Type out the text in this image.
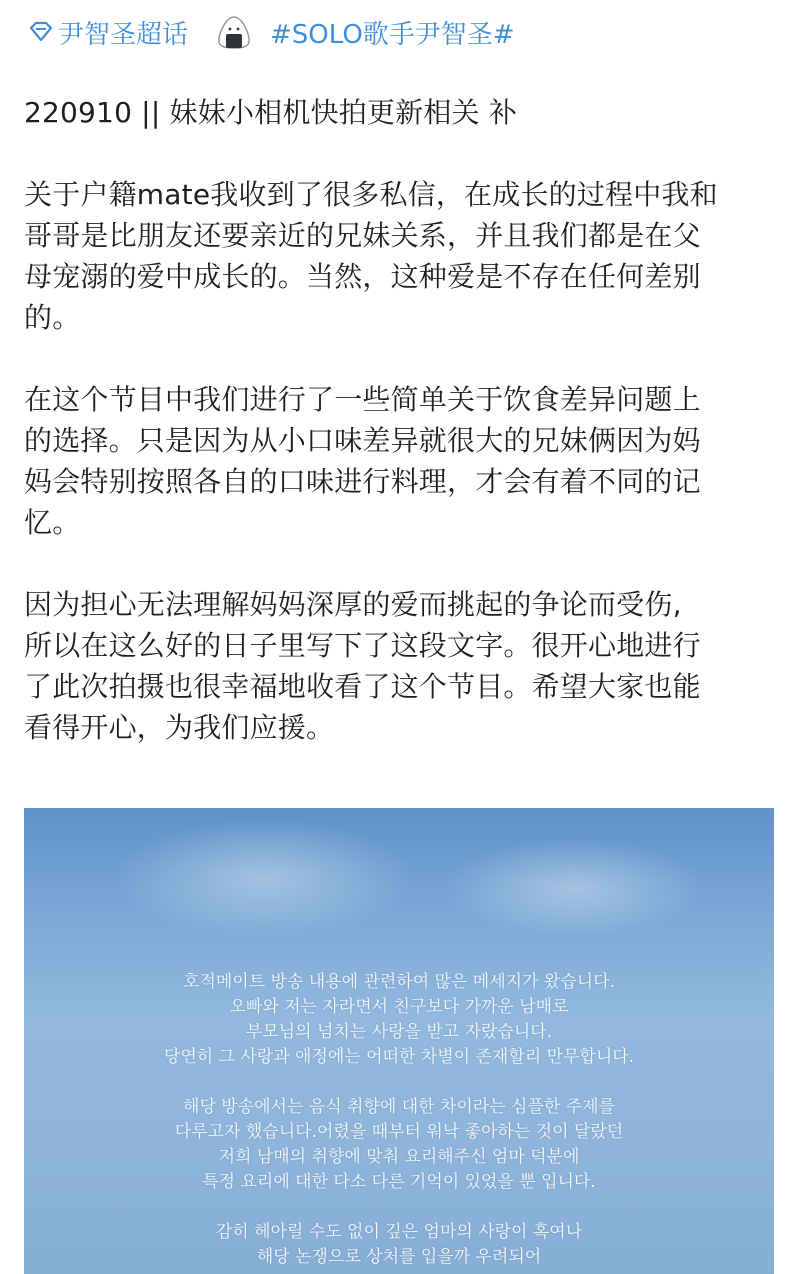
尹智圣超话	#SOLO歌手尹智圣#

220910 || 妹妹小相机快拍更新相关 补

关于户籍mate我收到了很多私信，在成长的过程中我和

哥哥是比朋友还要亲近的兄妹关系，并且我们都是在父

母宠溺的爱中成长的。当然，这种爱是不存在任何差别

的。

在这个节目中我们进行了一些简单关于饮食差异问题上

的选择。只是因为从小口味差异就很大的兄妹俩因为妈

妈会特别按照各自的口味进行料理，才会有着不同的记

忆。

因为担心无法理解妈妈深厚的爱而挑起的争论而受伤,

所以在这么好的日子里写下了这段文字。很开心地进行

了此次拍摄也很幸福地收看了这个节目。希望大家也能

看得开心，为我们应援。

호적메이트 방송 내용에 관련하여 많은 메세지가 왔습니다.
오빠와 저는 자라면서 친구보다 가까운 남매로
부모님의 넘치는 사랑을 받고 자랐습니다.
당연히 그 사랑과 애정에는 어떠한 차별이 존재할리 만무합니다.
해당 방송에서는 음식 취향에 대한 차이라는 심플한 주제를
다루고자 했습니다.어렸을 때부터 워낙 좋아하는 것이 달랐던
저희 남매의 취향에 맞춰 요리해주신 엄마 덕분에
특정 요리에 대한 다소 다른 기억이 있었을 뿐 입니다.
감히 헤아릴 수도 없이 깊은 엄마의 사랑이 혹여나
해당 논쟁으로 상처를 입을까 우려되어
